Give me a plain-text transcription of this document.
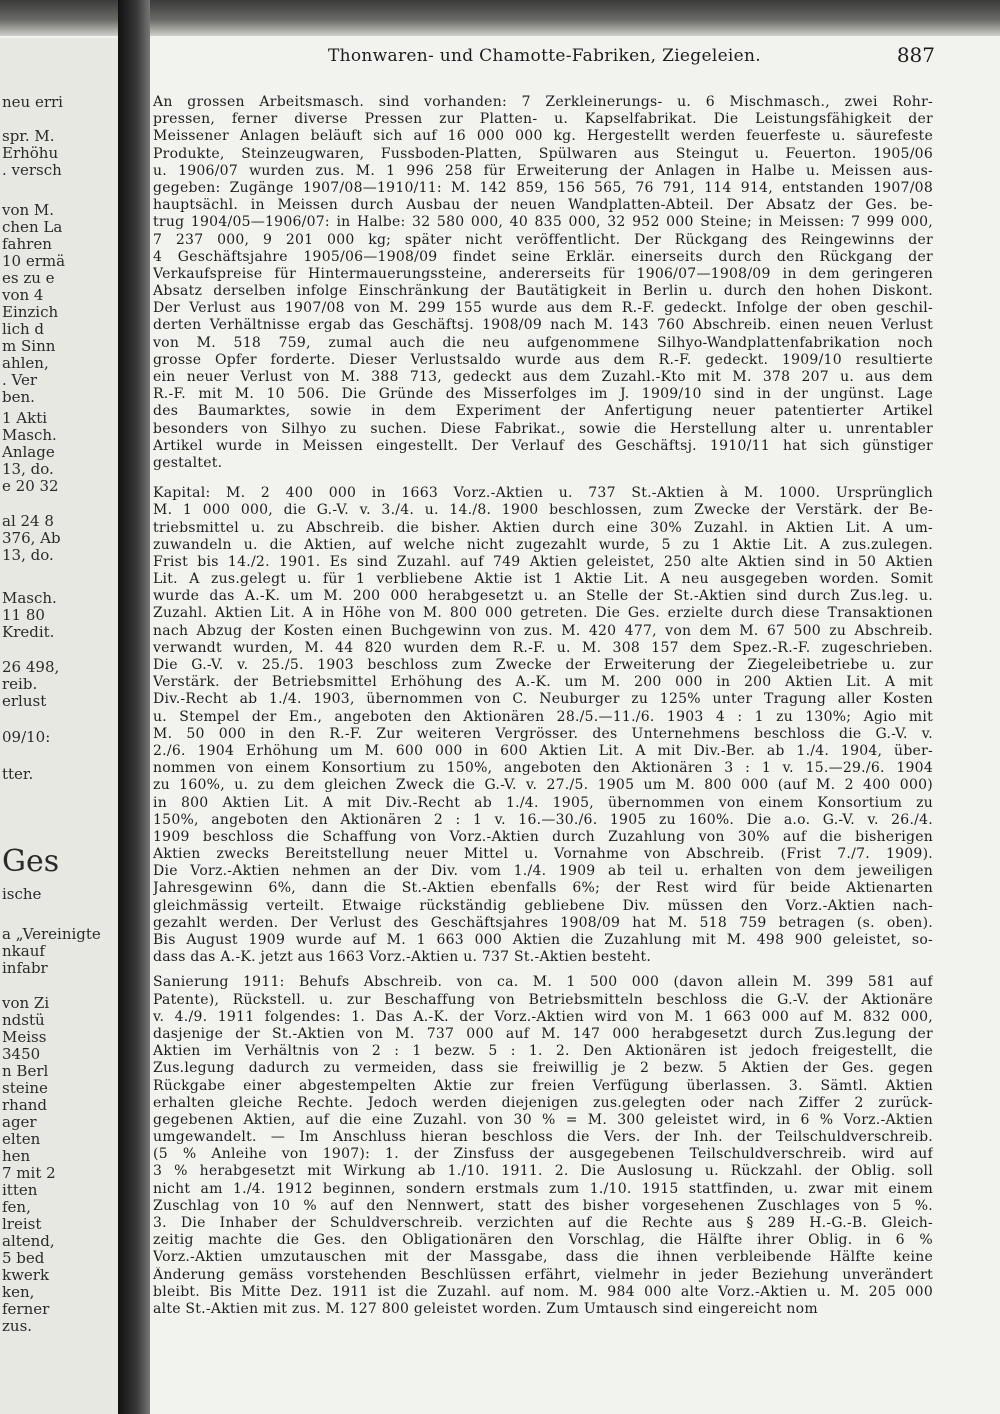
neu erri
spr. M.
Erhöhu
. versch
von M.
chen La
fahren
10 ermä
es zu e
von 4
Einzich
lich d
m Sinn
ahlen,
. Ver
ben.
1 Akti
Masch.
Anlage
13, do.
e 20 32
al 24 8
376, Ab
13, do.
Masch.
11 80
Kredit.
26 498,
reib.
erlust
09/10:
tter.
Ges
ische
a „Vereinigte
nkauf
infabr
von Zi
ndstü
Meiss
3450
n Berl
steine
rhand
ager
elten
hen
7 mit 2
itten
fen,
lreist
altend,
5 bed
kwerk
ken,
ferner
zus.
Thonwaren- und Chamotte-Fabriken, Ziegeleien.	887
An grossen Arbeitsmasch. sind vorhanden: 7 Zerkleinerungs- u. 6 Mischmasch., zwei Rohr-
pressen, ferner diverse Pressen zur Platten- u. Kapselfabrikat. Die Leistungsfähigkeit der
Meissener Anlagen beläuft sich auf 16 000 000 kg. Hergestellt werden feuerfeste u. säurefeste
Produkte, Steinzeugwaren, Fussboden-Platten, Spülwaren aus Steingut u. Feuerton. 1905/06
u. 1906/07 wurden zus. M. 1 996 258 für Erweiterung der Anlagen in Halbe u. Meissen aus-
gegeben: Zugänge 1907/08—1910/11: M. 142 859, 156 565, 76 791, 114 914, entstanden 1907/08
hauptsächl. in Meissen durch Ausbau der neuen Wandplatten-Abteil. Der Absatz der Ges. be-
trug 1904/05—1906/07: in Halbe: 32 580 000, 40 835 000, 32 952 000 Steine; in Meissen: 7 999 000,
7 237 000, 9 201 000 kg; später nicht veröffentlicht. Der Rückgang des Reingewinns der
4 Geschäftsjahre 1905/06—1908/09 findet seine Erklär. einerseits durch den Rückgang der
Verkaufspreise für Hintermauerungssteine, andererseits für 1906/07—1908/09 in dem geringeren
Absatz derselben infolge Einschränkung der Bautätigkeit in Berlin u. durch den hohen Diskont.
Der Verlust aus 1907/08 von M. 299 155 wurde aus dem R.-F. gedeckt. Infolge der oben geschil-
derten Verhältnisse ergab das Geschäftsj. 1908/09 nach M. 143 760 Abschreib. einen neuen Verlust
von M. 518 759, zumal auch die neu aufgenommene Silhyo-Wandplattenfabrikation noch
grosse Opfer forderte. Dieser Verlustsaldo wurde aus dem R.-F. gedeckt. 1909/10 resultierte
ein neuer Verlust von M. 388 713, gedeckt aus dem Zuzahl.-Kto mit M. 378 207 u. aus dem
R.-F. mit M. 10 506. Die Gründe des Misserfolges im J. 1909/10 sind in der ungünst. Lage
des Baumarktes, sowie in dem Experiment der Anfertigung neuer patentierter Artikel
besonders von Silhyo zu suchen. Diese Fabrikat., sowie die Herstellung alter u. unrentabler
Artikel wurde in Meissen eingestellt. Der Verlauf des Geschäftsj. 1910/11 hat sich günstiger
gestaltet.
Kapital: M. 2 400 000 in 1663 Vorz.-Aktien u. 737 St.-Aktien à M. 1000. Ursprünglich
M. 1 000 000, die G.-V. v. 3./4. u. 14./8. 1900 beschlossen, zum Zwecke der Verstärk. der Be-
triebsmittel u. zu Abschreib. die bisher. Aktien durch eine 30% Zuzahl. in Aktien Lit. A um-
zuwandeln u. die Aktien, auf welche nicht zugezahlt wurde, 5 zu 1 Aktie Lit. A zus.zulegen.
Frist bis 14./2. 1901. Es sind Zuzahl. auf 749 Aktien geleistet, 250 alte Aktien sind in 50 Aktien
Lit. A zus.gelegt u. für 1 verbliebene Aktie ist 1 Aktie Lit. A neu ausgegeben worden. Somit
wurde das A.-K. um M. 200 000 herabgesetzt u. an Stelle der St.-Aktien sind durch Zus.leg. u.
Zuzahl. Aktien Lit. A in Höhe von M. 800 000 getreten. Die Ges. erzielte durch diese Transaktionen
nach Abzug der Kosten einen Buchgewinn von zus. M. 420 477, von dem M. 67 500 zu Abschreib.
verwandt wurden, M. 44 820 wurden dem R.-F. u. M. 308 157 dem Spez.-R.-F. zugeschrieben.
Die G.-V. v. 25./5. 1903 beschloss zum Zwecke der Erweiterung der Ziegeleibetriebe u. zur
Verstärk. der Betriebsmittel Erhöhung des A.-K. um M. 200 000 in 200 Aktien Lit. A mit
Div.-Recht ab 1./4. 1903, übernommen von C. Neuburger zu 125% unter Tragung aller Kosten
u. Stempel der Em., angeboten den Aktionären 28./5.—11./6. 1903 4 : 1 zu 130%; Agio mit
M. 50 000 in den R.-F. Zur weiteren Vergrösser. des Unternehmens beschloss die G.-V. v.
2./6. 1904 Erhöhung um M. 600 000 in 600 Aktien Lit. A mit Div.-Ber. ab 1./4. 1904, über-
nommen von einem Konsortium zu 150%, angeboten den Aktionären 3 : 1 v. 15.—29./6. 1904
zu 160%, u. zu dem gleichen Zweck die G.-V. v. 27./5. 1905 um M. 800 000 (auf M. 2 400 000)
in 800 Aktien Lit. A mit Div.-Recht ab 1./4. 1905, übernommen von einem Konsortium zu
150%, angeboten den Aktionären 2 : 1 v. 16.—30./6. 1905 zu 160%. Die a.o. G.-V. v. 26./4.
1909 beschloss die Schaffung von Vorz.-Aktien durch Zuzahlung von 30% auf die bisherigen
Aktien zwecks Bereitstellung neuer Mittel u. Vornahme von Abschreib. (Frist 7./7. 1909).
Die Vorz.-Aktien nehmen an der Div. vom 1./4. 1909 ab teil u. erhalten von dem jeweiligen
Jahresgewinn 6%, dann die St.-Aktien ebenfalls 6%; der Rest wird für beide Aktienarten
gleichmässig verteilt. Etwaige rückständig gebliebene Div. müssen den Vorz.-Aktien nach-
gezahlt werden. Der Verlust des Geschäftsjahres 1908/09 hat M. 518 759 betragen (s. oben).
Bis August 1909 wurde auf M. 1 663 000 Aktien die Zuzahlung mit M. 498 900 geleistet, so-
dass das A.-K. jetzt aus 1663 Vorz.-Aktien u. 737 St.-Aktien besteht.
Sanierung 1911: Behufs Abschreib. von ca. M. 1 500 000 (davon allein M. 399 581 auf
Patente), Rückstell. u. zur Beschaffung von Betriebsmitteln beschloss die G.-V. der Aktionäre
v. 4./9. 1911 folgendes: 1. Das A.-K. der Vorz.-Aktien wird von M. 1 663 000 auf M. 832 000,
dasjenige der St.-Aktien von M. 737 000 auf M. 147 000 herabgesetzt durch Zus.legung der
Aktien im Verhältnis von 2 : 1 bezw. 5 : 1. 2. Den Aktionären ist jedoch freigestellt, die
Zus.legung dadurch zu vermeiden, dass sie freiwillig je 2 bezw. 5 Aktien der Ges. gegen
Rückgabe einer abgestempelten Aktie zur freien Verfügung überlassen. 3. Sämtl. Aktien
erhalten gleiche Rechte. Jedoch werden diejenigen zus.gelegten oder nach Ziffer 2 zurück-
gegebenen Aktien, auf die eine Zuzahl. von 30 % = M. 300 geleistet wird, in 6 % Vorz.-Aktien
umgewandelt. — Im Anschluss hieran beschloss die Vers. der Inh. der Teilschuldverschreib.
(5 % Anleihe von 1907): 1. der Zinsfuss der ausgegebenen Teilschuldverschreib. wird auf
3 % herabgesetzt mit Wirkung ab 1./10. 1911. 2. Die Auslosung u. Rückzahl. der Oblig. soll
nicht am 1./4. 1912 beginnen, sondern erstmals zum 1./10. 1915 stattfinden, u. zwar mit einem
Zuschlag von 10 % auf den Nennwert, statt des bisher vorgesehenen Zuschlages von 5 %.
3. Die Inhaber der Schuldverschreib. verzichten auf die Rechte aus § 289 H.-G.-B. Gleich-
zeitig machte die Ges. den Obligationären den Vorschlag, die Hälfte ihrer Oblig. in 6 %
Vorz.-Aktien umzutauschen mit der Massgabe, dass die ihnen verbleibende Hälfte keine
Änderung gemäss vorstehenden Beschlüssen erfährt, vielmehr in jeder Beziehung unverändert
bleibt. Bis Mitte Dez. 1911 ist die Zuzahl. auf nom. M. 984 000 alte Vorz.-Aktien u. M. 205 000
alte St.-Aktien mit zus. M. 127 800 geleistet worden. Zum Umtausch sind eingereicht nom
